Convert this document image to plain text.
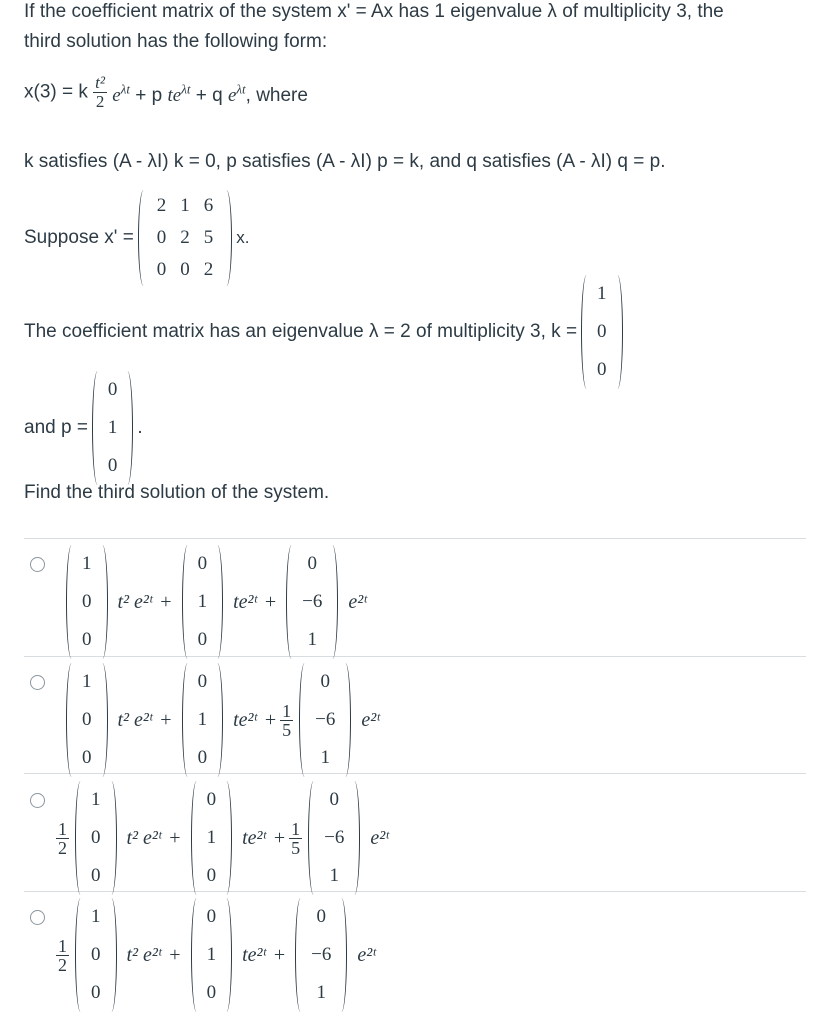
If the coefficient matrix of the system x' = Ax has 1 eigenvalue λ of multiplicity 3, the
third solution has the following form:
x(3) = k $\frac{\text{t²}}{2} e^{\lambda t} + p$ $te^{\lambda t} + q$ $e^{\lambda t}$, where
k satisfies (A - λI) k = 0, p satisfies (A - λI) p = k, and q satisfies (A - λI) q = p.
Suppose x' =
2	1	6
0	2	5
0	0	2
x.
The coefficient matrix has an eigenvalue λ = 2 of multiplicity 3, k =
1
0
0
and p =
0
1
0
.
Find the third solution of the system.
1
0
0
t² e²ᵗ +
0
1
0
te²ᵗ +
0
−6
1
e²ᵗ
1
0
0
t² e²ᵗ +
0
1
0
te²ᵗ + $\frac{1}{5}$
0
−6
1
e²ᵗ
$\frac{1}{2}$
1
0
0
t² e²ᵗ +
0
1
0
te²ᵗ + $\frac{1}{5}$
0
−6
1
e²ᵗ
$\frac{1}{2}$
1
0
0
t² e²ᵗ +
0
1
0
te²ᵗ +
0
−6
1
e²ᵗ
